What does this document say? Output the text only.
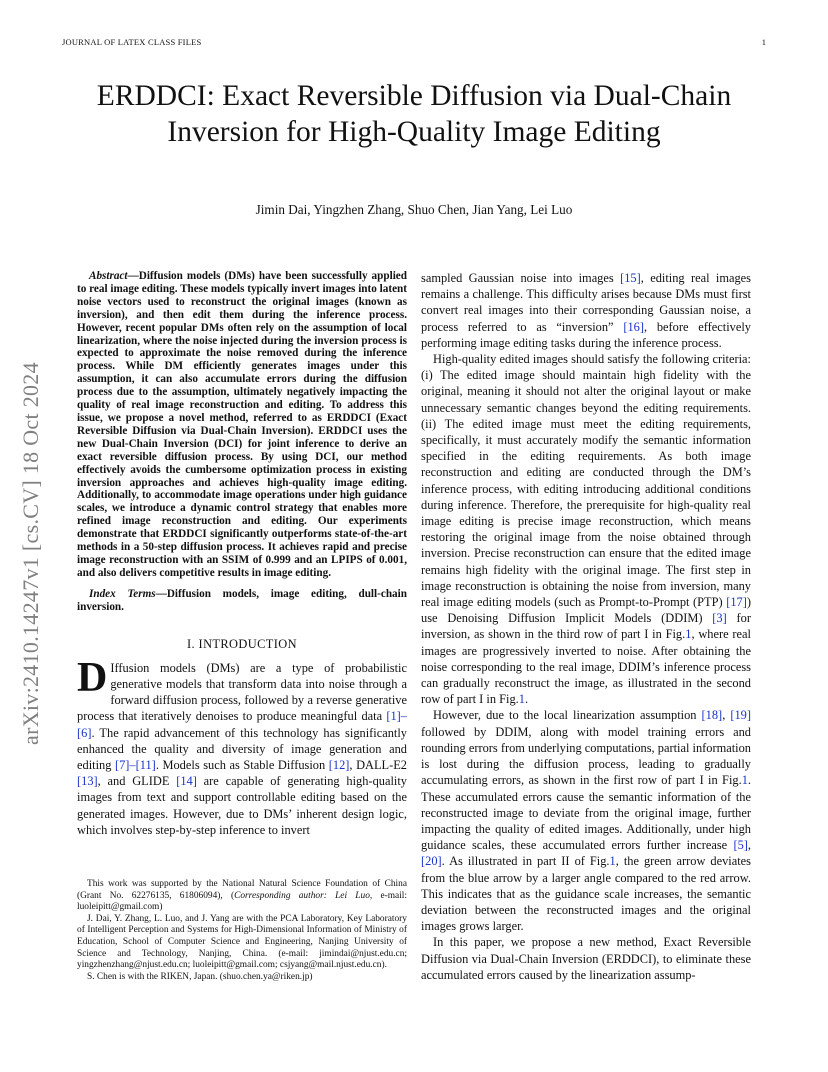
JOURNAL OF LATEX CLASS FILES	1
arXiv:2410.14247v1 [cs.CV] 18 Oct 2024
ERDDCI: Exact Reversible Diffusion via Dual-Chain Inversion for High-Quality Image Editing
Jimin Dai, Yingzhen Zhang, Shuo Chen, Jian Yang, Lei Luo

Abstract—Diffusion models (DMs) have been successfully applied to real image editing. These models typically invert images into latent noise vectors used to reconstruct the original images (known as inversion), and then edit them during the inference process. However, recent popular DMs often rely on the assumption of local linearization, where the noise injected during the inversion process is expected to approximate the noise removed during the inference process. While DM efficiently generates images under this assumption, it can also accumulate errors during the diffusion process due to the assumption, ultimately negatively impacting the quality of real image reconstruction and editing. To address this issue, we propose a novel method, referred to as ERDDCI (Exact Reversible Diffusion via Dual-Chain Inversion). ERDDCI uses the new Dual-Chain Inversion (DCI) for joint inference to derive an exact reversible diffusion process. By using DCI, our method effectively avoids the cumbersome optimization process in existing inversion approaches and achieves high-quality image editing. Additionally, to accommodate image operations under high guidance scales, we introduce a dynamic control strategy that enables more refined image reconstruction and editing. Our experiments demonstrate that ERDDCI significantly outperforms state-of-the-art methods in a 50-step diffusion process. It achieves rapid and precise image reconstruction with an SSIM of 0.999 and an LPIPS of 0.001, and also delivers competitive results in image editing.

Index Terms—Diffusion models, image editing, dull-chain inversion.

I. INTRODUCTION

D Iffusion models (DMs) are a type of probabilistic generative models that transform data into noise through a forward diffusion process, followed by a reverse generative process that iteratively denoises to produce meaningful data [1]–[6]. The rapid advancement of this technology has significantly enhanced the quality and diversity of image generation and editing [7]–[11]. Models such as Stable Diffusion [12], DALL-E2 [13], and GLIDE [14] are capable of generating high-quality images from text and support controllable editing based on the generated images. However, due to DMs’ inherent design logic, which involves step-by-step inference to invert

This work was supported by the National Natural Science Foundation of China (Grant No. 62276135, 61806094), (Corresponding author: Lei Luo, e-mail: luoleipitt@gmail.com)

J. Dai, Y. Zhang, L. Luo, and J. Yang are with the PCA Laboratory, Key Laboratory of Intelligent Perception and Systems for High-Dimensional Information of Ministry of Education, School of Computer Science and Engineering, Nanjing University of Science and Technology, Nanjing, China. (e-mail: jimindai@njust.edu.cn; yingzhenzhang@njust.edu.cn; luoleipitt@gmail.com; csjyang@mail.njust.edu.cn).

S. Chen is with the RIKEN, Japan. (shuo.chen.ya@riken.jp)

sampled Gaussian noise into images [15], editing real images remains a challenge. This difficulty arises because DMs must first convert real images into their corresponding Gaussian noise, a process referred to as “inversion” [16], before effectively performing image editing tasks during the inference process.

High-quality edited images should satisfy the following criteria: (i) The edited image should maintain high fidelity with the original, meaning it should not alter the original layout or make unnecessary semantic changes beyond the editing requirements. (ii) The edited image must meet the editing requirements, specifically, it must accurately modify the semantic information specified in the editing requirements. As both image reconstruction and editing are conducted through the DM’s inference process, with editing introducing additional conditions during inference. Therefore, the prerequisite for high-quality real image editing is precise image reconstruction, which means restoring the original image from the noise obtained through inversion. Precise reconstruction can ensure that the edited image remains high fidelity with the original image. The first step in image reconstruction is obtaining the noise from inversion, many real image editing models (such as Prompt-to-Prompt (PTP) [17]) use Denoising Diffusion Implicit Models (DDIM) [3] for inversion, as shown in the third row of part I in Fig.1, where real images are progressively inverted to noise. After obtaining the noise corresponding to the real image, DDIM’s inference process can gradually reconstruct the image, as illustrated in the second row of part I in Fig.1.

However, due to the local linearization assumption [18], [19] followed by DDIM, along with model training errors and rounding errors from underlying computations, partial information is lost during the diffusion process, leading to gradually accumulating errors, as shown in the first row of part I in Fig.1. These accumulated errors cause the semantic information of the reconstructed image to deviate from the original image, further impacting the quality of edited images. Additionally, under high guidance scales, these accumulated errors further increase [5], [20]. As illustrated in part II of Fig.1, the green arrow deviates from the blue arrow by a larger angle compared to the red arrow. This indicates that as the guidance scale increases, the semantic deviation between the reconstructed images and the original images grows larger.

In this paper, we propose a new method, Exact Reversible Diffusion via Dual-Chain Inversion (ERDDCI), to eliminate these accumulated errors caused by the linearization assump-
